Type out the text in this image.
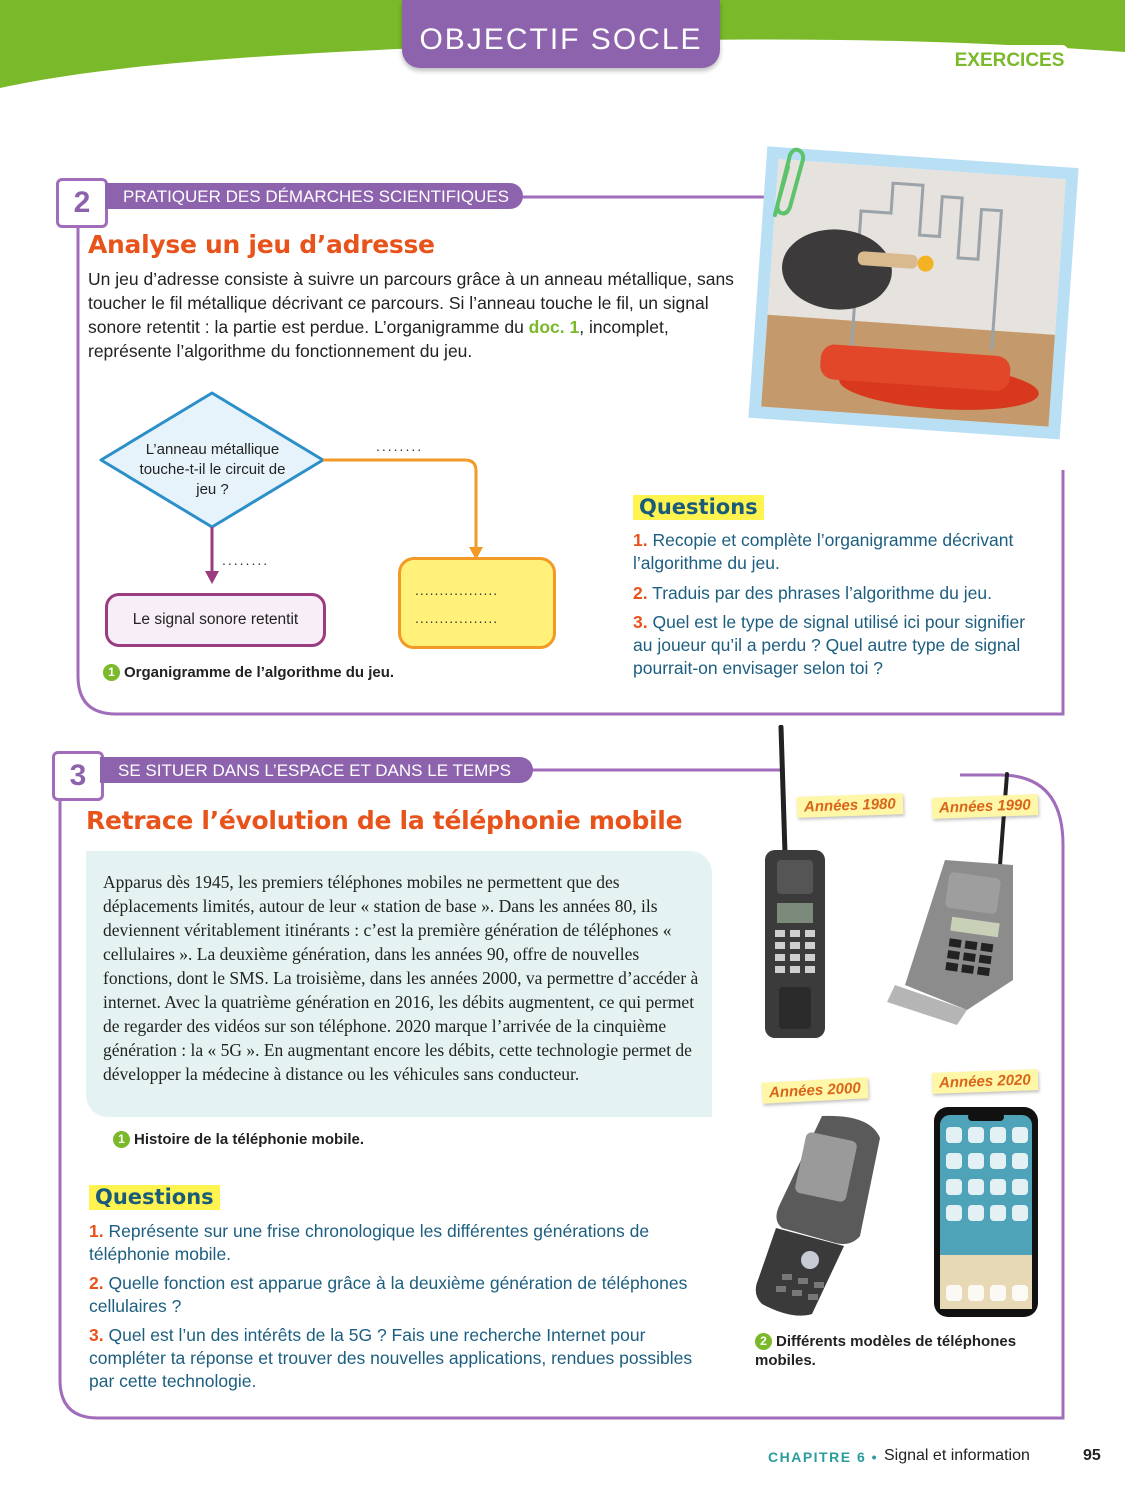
OBJECTIF SOCLE
EXERCICES
2	PRATIQUER DES DÉMARCHES SCIENTIFIQUES (D4)
Analyse un jeu d’adresse
Un jeu d’adresse consiste à suivre un parcours grâce à un anneau métallique, sans toucher le fil métallique décrivant ce parcours. Si l’anneau touche le fil, un signal sonore retentit : la partie est perdue. L’organigramme du doc. 1, incomplet, représente l’algorithme du fonctionnement du jeu.
L’anneau métallique touche-t-il le circuit de jeu ?
........
........
Le signal sonore retentit
.................
.................
1 Organigramme de l’algorithme du jeu.
Questions
1. Recopie et complète l’organigramme décrivant l’algorithme du jeu.
2. Traduis par des phrases l’algorithme du jeu.
3. Quel est le type de signal utilisé ici pour signifier au joueur qu’il a perdu ? Quel autre type de signal pourrait-on envisager selon toi ?
3	SE SITUER DANS L’ESPACE ET DANS LE TEMPS (D5)
Retrace l’évolution de la téléphonie mobile
Apparus dès 1945, les premiers téléphones mobiles ne permettent que des déplacements limités, autour de leur « station de base ». Dans les années 80, ils deviennent véritablement itinérants : c’est la première génération de téléphones « cellulaires ». La deuxième génération, dans les années 90, offre de nouvelles fonctions, dont le SMS. La troisième, dans les années 2000, va permettre d’accéder à internet. Avec la quatrième génération en 2016, les débits augmentent, ce qui permet de regarder des vidéos sur son téléphone. 2020 marque l’arrivée de la cinquième génération : la « 5G ». En augmentant encore les débits, cette technologie permet de développer la médecine à distance ou les véhicules sans conducteur.
1 Histoire de la téléphonie mobile.
Questions
1. Représente sur une frise chronologique les différentes générations de téléphonie mobile.
2. Quelle fonction est apparue grâce à la deuxième génération de téléphones cellulaires ?
3. Quel est l’un des intérêts de la 5G ? Fais une recherche Internet pour compléter ta réponse et trouver des nouvelles applications, rendues possibles par cette technologie.
Années 1980	Années 1990
Années 2000	Années 2020
2 Différents modèles de téléphones mobiles.
CHAPITRE 6 • Signal et information	95
